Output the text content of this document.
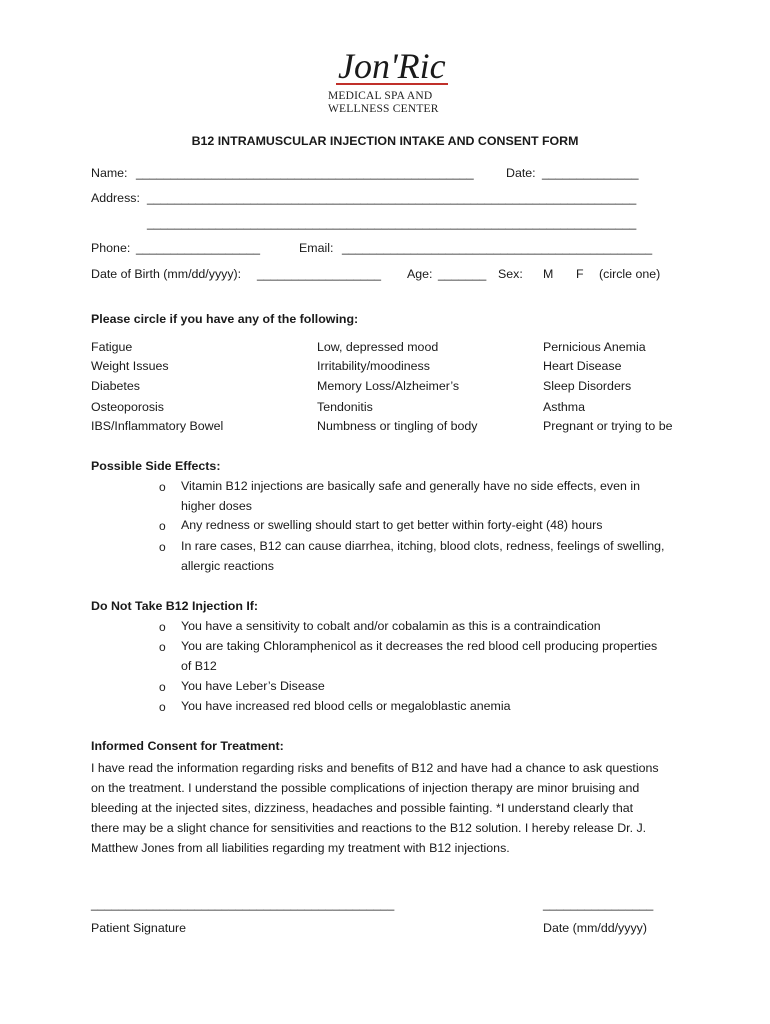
Jon'Ric
MEDICAL SPA AND
WELLNESS CENTER
B12 INTRAMUSCULAR INJECTION INTAKE AND CONSENT FORM
Name: _________________________________________________	Date: ______________
Address: _______________________________________________________________________
_______________________________________________________________________
Phone: __________________	Email: _____________________________________________
Date of Birth (mm/dd/yyyy): __________________ Age: _______ Sex: M F (circle one)
Please circle if you have any of the following:
Fatigue
Weight Issues
Diabetes
Osteoporosis
IBS/Inflammatory Bowel
Low, depressed mood
Irritability/moodiness
Memory Loss/Alzheimer’s
Tendonitis
Numbness or tingling of body
Pernicious Anemia
Heart Disease
Sleep Disorders
Asthma
Pregnant or trying to be
Possible Side Effects:
o Vitamin B12 injections are basically safe and generally have no side effects, even in
higher doses
o Any redness or swelling should start to get better within forty-eight (48) hours
o In rare cases, B12 can cause diarrhea, itching, blood clots, redness, feelings of swelling,
allergic reactions
Do Not Take B12 Injection If:
o You have a sensitivity to cobalt and/or cobalamin as this is a contraindication
o You are taking Chloramphenicol as it decreases the red blood cell producing properties
of B12
o You have Leber’s Disease
o You have increased red blood cells or megaloblastic anemia
Informed Consent for Treatment:
I have read the information regarding risks and benefits of B12 and have had a chance to ask questions
on the treatment. I understand the possible complications of injection therapy are minor bruising and
bleeding at the injected sites, dizziness, headaches and possible fainting. *I understand clearly that
there may be a slight chance for sensitivities and reactions to the B12 solution. I hereby release Dr. J.
Matthew Jones from all liabilities regarding my treatment with B12 injections.
____________________________________________
Patient Signature
________________
Date (mm/dd/yyyy)
